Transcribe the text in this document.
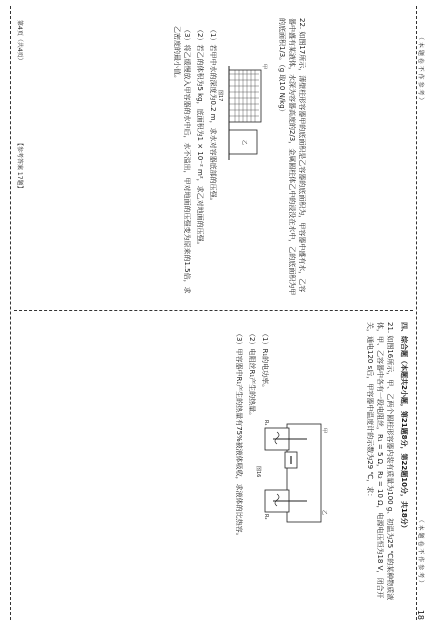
（ 本 题 卷 不 作 参 考 ）
（ 本 题 卷 不 作 参 考 ）
18

四、综合题（本题共2小题，第21题8分，第22题10分，共18分）

21. 如图16所示，甲、乙两个圆柱形容器内装有质量为100 g、初温为25 ℃的某种物质液体，甲、乙容器中各有一段电阻丝，R₁ = 5 Ω，R₂ = 10 Ω，电源电压恒为18 V，闭合开关，通电120 s后，甲容器中温度计的示数为29 ℃，求：

（1）R₁的电功率。

（2）电阻丝R₁产生的热量。

（3）甲容器中R₁产生的热量有75%被液体吸收，求液体的比热容。	甲
乙
R₁
R₂
图16

22. 如图17所示，薄壁柱形容器甲的底面积是乙容器的底面积为，甲容器中盛有水，乙容器中盛有某液体，水深为容器高度的2/3，金属圆柱体乙中的浸没在水中，乙的底面积为甲的底面积1/3。（g 取10 N/kg）

（1）若甲中水的深度为0.2 m，求水对容器底部的压强。

（2）若乙的体积为5 kg，底面积为1 × 10⁻² m²，求乙对地面的压强。

（3）将乙缓慢放入甲容器的水中后，水不溢出，甲对地面的压强变为原来的1.5倍，求乙密度的最小值。	甲
乙
图17
第4页（共4页）
【参考答案 17题】
